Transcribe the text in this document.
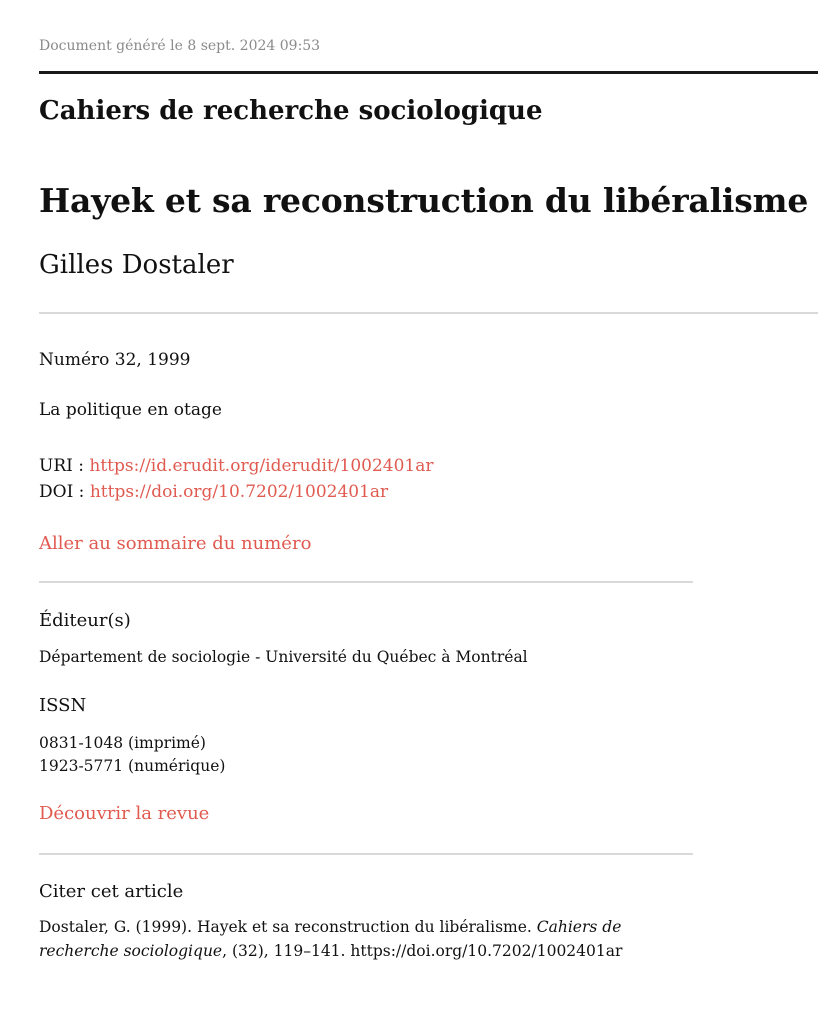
Document généré le 8 sept. 2024 09:53
Cahiers de recherche sociologique
Hayek et sa reconstruction du libéralisme
Gilles Dostaler
Numéro 32, 1999
La politique en otage
URI : https://id.erudit.org/iderudit/1002401ar
DOI : https://doi.org/10.7202/1002401ar
Aller au sommaire du numéro
Éditeur(s)
Département de sociologie - Université du Québec à Montréal
ISSN
0831-1048 (imprimé)
1923-5771 (numérique)
Découvrir la revue
Citer cet article
Dostaler, G. (1999). Hayek et sa reconstruction du libéralisme. Cahiers de
recherche sociologique, (32), 119–141. https://doi.org/10.7202/1002401ar
